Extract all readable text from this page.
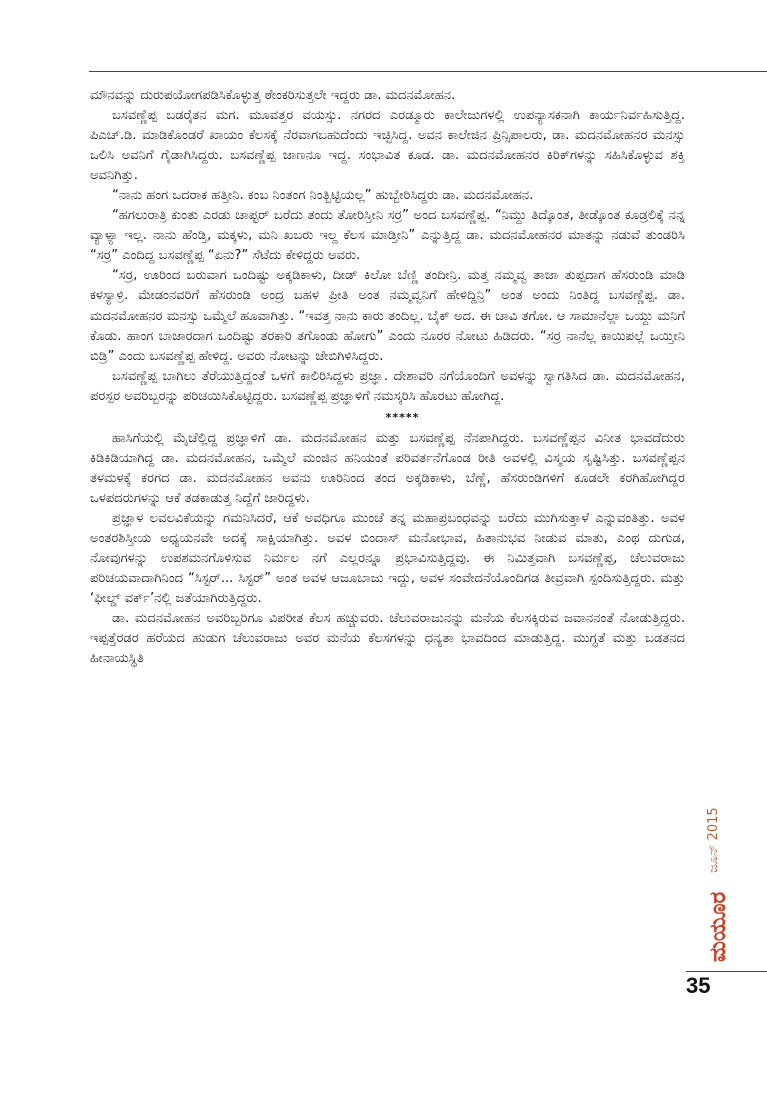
ಮೌನವನ್ನು ದುರುಪಯೋಗಪಡಿಸಿಕೊಳ್ಳುತ್ತ ಠೇಂಕರಿಸುತ್ತಲೇ ಇದ್ದರು ಡಾ. ಮದನಮೋಹನ.

ಬಸವಣ್ಣೆಪ್ಪ ಬಡರೈತನ ಮಗ. ಮೂವತ್ತರ ವಯಸ್ಸು. ನಗರದ ಎರಡ್ಮೂರು ಕಾಲೇಜುಗಳಲ್ಲಿ ಉಪನ್ಯಾಸಕನಾಗಿ ಕಾರ್ಯನಿರ್ವಹಿಸುತ್ತಿದ್ದ. ಪಿಎಚ್.ಡಿ. ಮಾಡಿಕೊಂಡರೆ ಖಾಯಂ ಕೆಲಸಕ್ಕೆ ನೆರವಾಗಬಹುದೆಂದು ಇಚ್ಛಿಸಿದ್ದ. ಅವನ ಕಾಲೇಜಿನ ಪ್ರಿನ್ಸಿಪಾಲರು, ಡಾ. ಮದನಮೋಹನರ ಮನಸ್ಸು ಒಲಿಸಿ ಅವನಿಗೆ ಗೈಡಾಗಿಸಿದ್ದರು. ಬಸವಣ್ಣೆಪ್ಪ ಜಾಣನೂ ಇದ್ದ. ಸಂಭಾವಿತ ಕೂಡ. ಡಾ. ಮದನಮೋಹನರ ಕಿರಿಕ್‌ಗಳನ್ನು ಸಹಿಸಿಕೊಳ್ಳುವ ಶಕ್ತಿ ಅವನಿಗಿತ್ತು.

“ನಾನು ಹಂಗ ಒದರಾಕ ಹತ್ತೀನಿ. ಕಂಬ ನಿಂತಂಗ ನಿಂತ್ಬಿಟ್ಟಿಯಲ್ಲ” ಹುಬ್ಬೇರಿಸಿದ್ದರು ಡಾ. ಮದನಮೋಹನ.

“ಹಗಲುರಾತ್ರಿ ಕುಂತು ಎರಡು ಚಾಪ್ಟರ್ ಬರೆದು ತಂದು ತೋರಿಸ್ತೀನಿ ಸರ್ರ” ಅಂದ ಬಸವಣ್ಣೆಪ್ಪ. “ನಿಮ್ದು ತಿದ್ಕೊಂತ, ತೀಡ್ಕೊಂತ ಕೂಡ್ರಲಿಕ್ಕೆ ನನ್ನ ವ್ಯಾಳ್ಯಾ ಇಲ್ಲ. ನಾನು ಹೆಂಡ್ತಿ, ಮಕ್ಕಳು, ಮನಿ ಖಬರು ಇಲ್ದ ಕೆಲಸ ಮಾಡ್ತೀನಿ” ಎನ್ನುತ್ತಿದ್ದ ಡಾ. ಮದನಮೋಹನರ ಮಾತನ್ನು ನಡುವೆ ತುಂಡರಿಸಿ “ಸರ್ರ” ಎಂದಿದ್ದ ಬಸವಣ್ಣೆಪ್ಪ “ಏನು?” ಸೆಟೆದು ಕೇಳಿದ್ದರು ಅವರು.

“ಸರ್ರ, ಊರಿಂದ ಬರುವಾಗ ಒಂದಿಷ್ಟು ಅಕ್ಕಡಿಕಾಳು, ದೀಡ್ ಕಿಲೋ ಬೆಣ್ಣಿ ತಂದೀನ್ರಿ. ಮತ್ತ ನಮ್ಮವ್ವ ತಾಜಾ ತುಪ್ಪದಾಗ ಹೆಸರುಂಡಿ ಮಾಡಿ ಕಳಸ್ಯಾಳ್ರಿ. ಮೇಡಂನವರಿಗೆ ಹೆಸರುಂಡಿ ಅಂದ್ರ ಬಹಳ ಪ್ರೀತಿ ಅಂತ ನಮ್ಮವ್ವನಿಗೆ ಹೇಳಿದ್ದಿನ್ರಿ” ಅಂತ ಅಂದು ನಿಂತಿದ್ದ ಬಸವಣ್ಣೆಪ್ಪ. ಡಾ. ಮದನಮೋಹನರ ಮನಸ್ಸು ಒಮ್ಮೆಲೆ ಹೂವಾಗಿತ್ತು. “ಇವತ್ತ ನಾನು ಕಾರು ತಂದಿಲ್ಲ. ಬೈಕ್ ಅದ. ಈ ಚಾವಿ ತಗೋ. ಆ ಸಾಮಾನೆಲ್ಲಾ ಒಯ್ದು ಮನಿಗೆ ಕೊಡು. ಹಾಂಗ ಬಾಜಾರದಾಗ ಒಂದಿಷ್ಟು ತರಕಾರಿ ತಗೊಂಡು ಹೋಗು” ಎಂದು ನೂರರ ನೋಟು ಹಿಡಿದರು. “ಸರ್ರ ನಾನೆಲ್ಲ ಕಾಯಿಪಲ್ಲೆ ಒಯ್ತೀನಿ ಬಿಡ್ರಿ” ಎಂದು ಬಸವಣ್ಣೆಪ್ಪ ಹೇಳಿದ್ದ. ಅವರು ನೋಟನ್ನು ಜೇಬಿಗಿಳಿಸಿದ್ದರು.

ಬಸವಣ್ಣೆಪ್ಪ ಬಾಗಿಲು ತೆರೆಯುತ್ತಿದ್ದಂತೆ ಒಳಗೆ ಕಾಲಿರಿಸಿದ್ದಳು ಪ್ರಜ್ಞಾ. ದೇಶಾವರಿ ನಗೆಯೊಂದಿಗೆ ಅವಳನ್ನು ಸ್ವಾಗತಿಸಿದ ಡಾ. ಮದನಮೋಹನ, ಪರಸ್ಪರ ಅವರಿಬ್ಬರನ್ನು ಪರಿಚಯಿಸಿಕೊಟ್ಟಿದ್ದರು. ಬಸವಣ್ಣೆಪ್ಪ ಪ್ರಜ್ಞಾಳಿಗೆ ನಮಸ್ಕರಿಸಿ ಹೊರಟು ಹೋಗಿದ್ದ.

*****

ಹಾಸಿಗೆಯಲ್ಲಿ ಮೈಚೆಲ್ಲಿದ್ದ ಪ್ರಜ್ಞಾಳಿಗೆ ಡಾ. ಮದನಮೋಹನ ಮತ್ತು ಬಸವಣ್ಣೆಪ್ಪ ನೆನಪಾಗಿದ್ದರು. ಬಸವಣ್ಣೆಪ್ಪನ ವಿನೀತ ಭಾವದೆದುರು ಕಿಡಿಕಿಡಿಯಾಗಿದ್ದ ಡಾ. ಮದನಮೋಹನ, ಒಮ್ಮೆಲೆ ಮಂಜಿನ ಹನಿಯಂತೆ ಪರಿವರ್ತನೆಗೊಂಡ ರೀತಿ ಅವಳಲ್ಲಿ ವಿಸ್ಮಯ ಸೃಷ್ಟಿಸಿತ್ತು. ಬಸವಣ್ಣೆಪ್ಪನ ತಳಮಳಕ್ಕೆ ಕರಗದ ಡಾ. ಮದನಮೋಹನ ಅವನು ಊರಿನಿಂದ ತಂದ ಅಕ್ಕಡಿಕಾಳು, ಬೆಣ್ಣೆ, ಹೆಸರುಂಡಿಗಳಿಗೆ ಕೂಡಲೇ ಕರಗಿಹೋಗಿದ್ದರ ಒಳಪದರುಗಳನ್ನು ಆಕೆ ತಡಕಾಡುತ್ತ ನಿದ್ದೆಗೆ ಜಾರಿದ್ದಳು.

ಪ್ರಜ್ಞಾಳ ಲವಲವಿಕೆಯನ್ನು ಗಮನಿಸಿದರೆ, ಆಕೆ ಅವಧಿಗೂ ಮುಂಚೆ ತನ್ನ ಮಹಾಪ್ರಬಂಧವನ್ನು ಬರೆದು ಮುಗಿಸುತ್ತಾಳೆ ಎನ್ನುವಂತಿತ್ತು. ಅವಳ ಅಂತರಶಿಸ್ತೀಯ ಅಧ್ಯಯನವೇ ಅದಕ್ಕೆ ಸಾಕ್ಷಿಯಾಗಿತ್ತು. ಅವಳ ಬಿಂದಾಸ್ ಮನೋಭಾವ, ಹಿತಾನುಭವ ನೀಡುವ ಮಾತು, ಎಂಥ ದುಗುಡ, ನೋವುಗಳನ್ನು ಉಪಶಮನಗೊಳಿಸುವ ನಿರ್ಮಲ ನಗೆ ಎಲ್ಲರನ್ನೂ ಪ್ರಭಾವಿಸುತ್ತಿದ್ದವು. ಈ ನಿಮಿತ್ತವಾಗಿ ಬಸವಣ್ಣೆಪ್ಪ, ಚೆಲುವರಾಜು ಪರಿಚಯವಾದಾಗಿನಿಂದ “ಸಿಸ್ಟರ್... ಸಿಸ್ಟರ್” ಅಂತ ಅವಳ ಆಜೂಬಾಜು ಇದ್ದು, ಅವಳ ಸಂವೇದನೆಯೊಂದಿಗಡ ತೀವ್ರವಾಗಿ ಸ್ಪಂದಿಸುತ್ತಿದ್ದರು. ಮತ್ತು ‘ಫೀಲ್ಡ್ ವರ್ಕ್’ನಲ್ಲಿ ಜತೆಯಾಗಿರುತ್ತಿದ್ದರು.

ಡಾ. ಮದನಮೋಹನ ಅವರಿಬ್ಬರಿಗೂ ವಿಪರೀತ ಕೆಲಸ ಹಚ್ಚುವರು. ಚೆಲುವರಾಜುನನ್ನು ಮನೆಯ ಕೆಲಸಕ್ಕಿರುವ ಜವಾನನಂತೆ ನೋಡುತ್ತಿದ್ದರು. ಇಪ್ಪತ್ತೆರಡರ ಹರೆಯದ ಹುಡುಗ ಚೆಲುವರಾಜು ಅವರ ಮನೆಯ ಕೆಲಸಗಳನ್ನು ಧನ್ಯತಾ ಭಾವದಿಂದ ಮಾಡುತ್ತಿದ್ದ. ಮುಗ್ಧತೆ ಮತ್ತು ಬಡತನದ ಹೀನಾಯಸ್ಥಿತಿ

ಜೂನ್ 2015
ಮಯೂರ
35
